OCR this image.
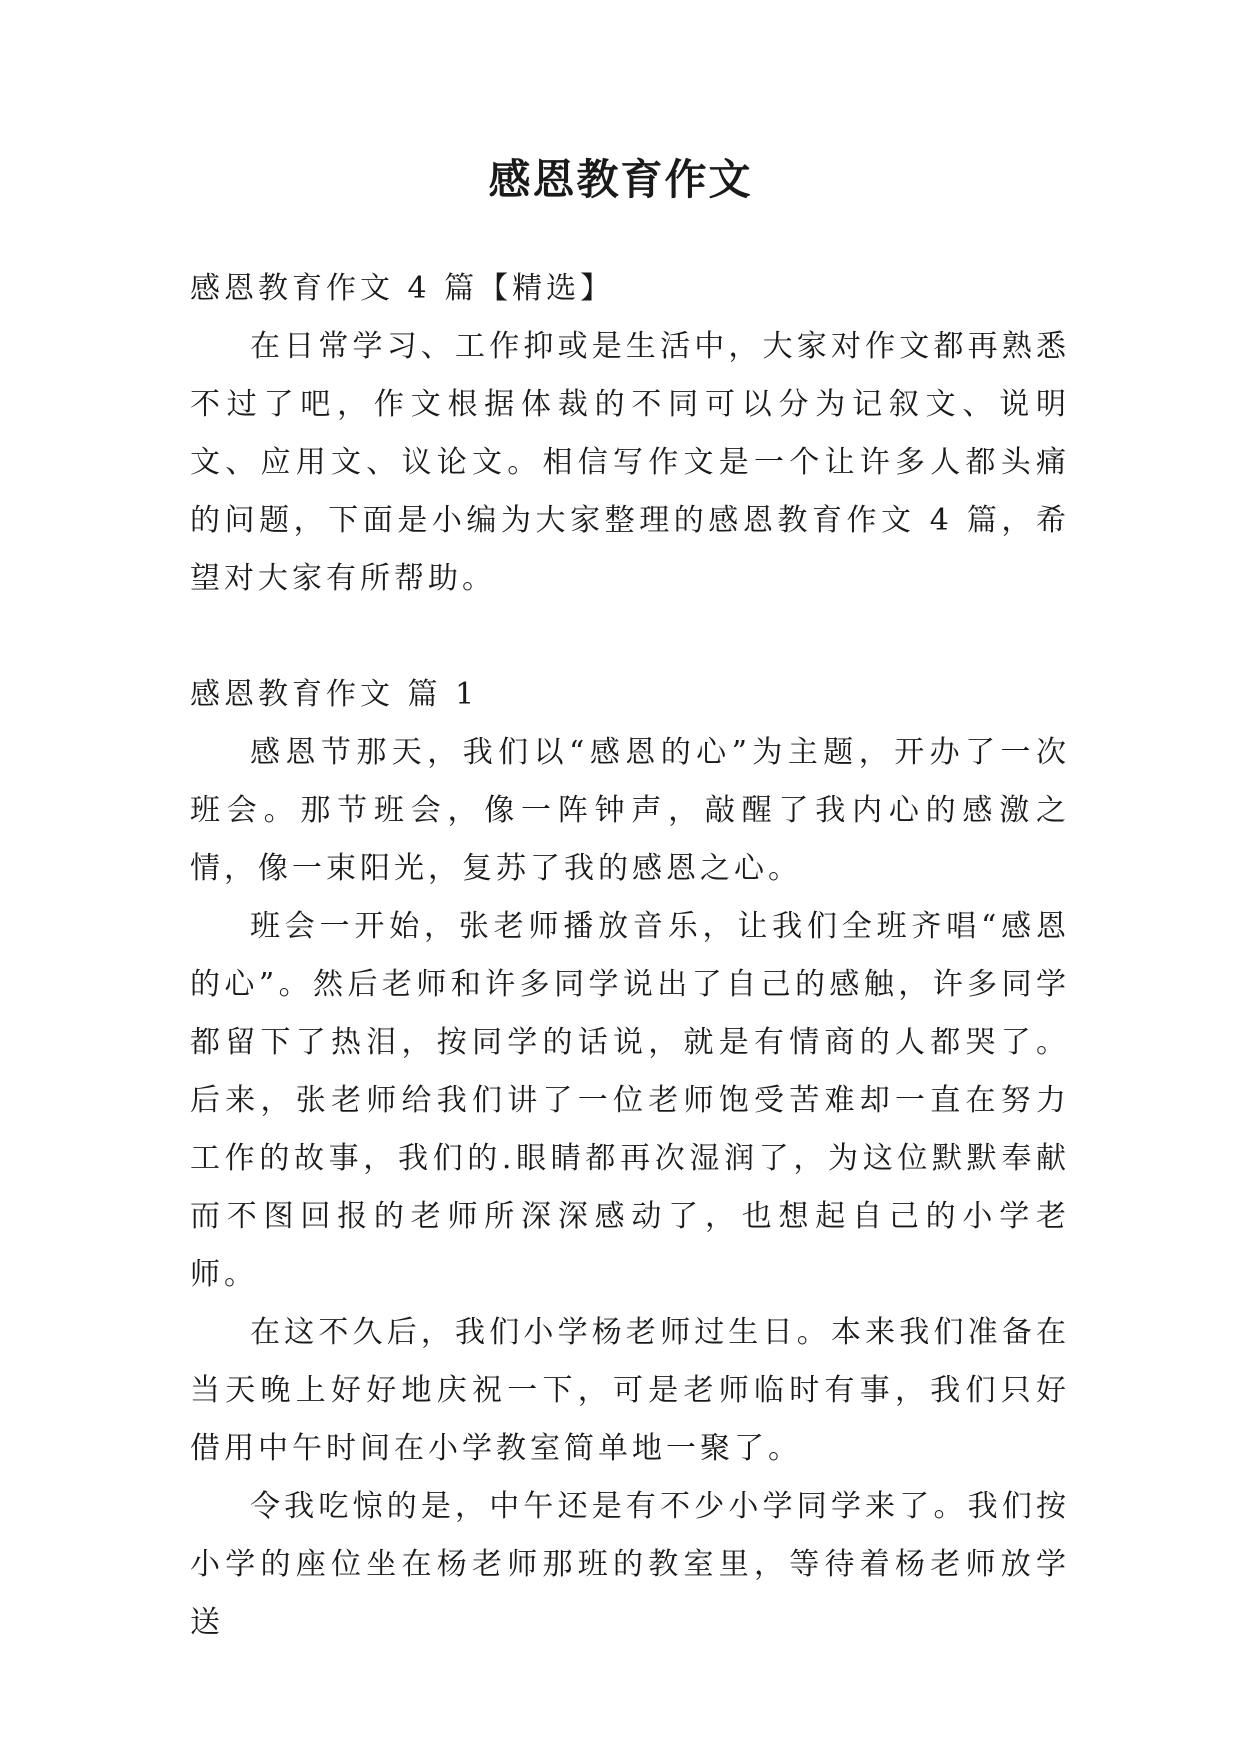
感恩教育作文

感恩教育作文 4 篇【精选】

在日常学习、工作抑或是生活中，大家对作文都再熟悉不过了吧，作文根据体裁的不同可以分为记叙文、说明文、应用文、议论文。相信写作文是一个让许多人都头痛的问题，下面是小编为大家整理的感恩教育作文 4 篇，希望对大家有所帮助。

感恩教育作文 篇 1

感恩节那天，我们以“感恩的心”为主题，开办了一次班会。那节班会，像一阵钟声，敲醒了我内心的感激之情，像一束阳光，复苏了我的感恩之心。

班会一开始，张老师播放音乐，让我们全班齐唱“感恩的心”。然后老师和许多同学说出了自己的感触，许多同学都留下了热泪，按同学的话说，就是有情商的人都哭了。后来，张老师给我们讲了一位老师饱受苦难却一直在努力工作的故事，我们的.眼睛都再次湿润了，为这位默默奉献而不图回报的老师所深深感动了，也想起自己的小学老师。

在这不久后，我们小学杨老师过生日。本来我们准备在当天晚上好好地庆祝一下，可是老师临时有事，我们只好借用中午时间在小学教室简单地一聚了。

令我吃惊的是，中午还是有不少小学同学来了。我们按小学的座位坐在杨老师那班的教室里，等待着杨老师放学送
